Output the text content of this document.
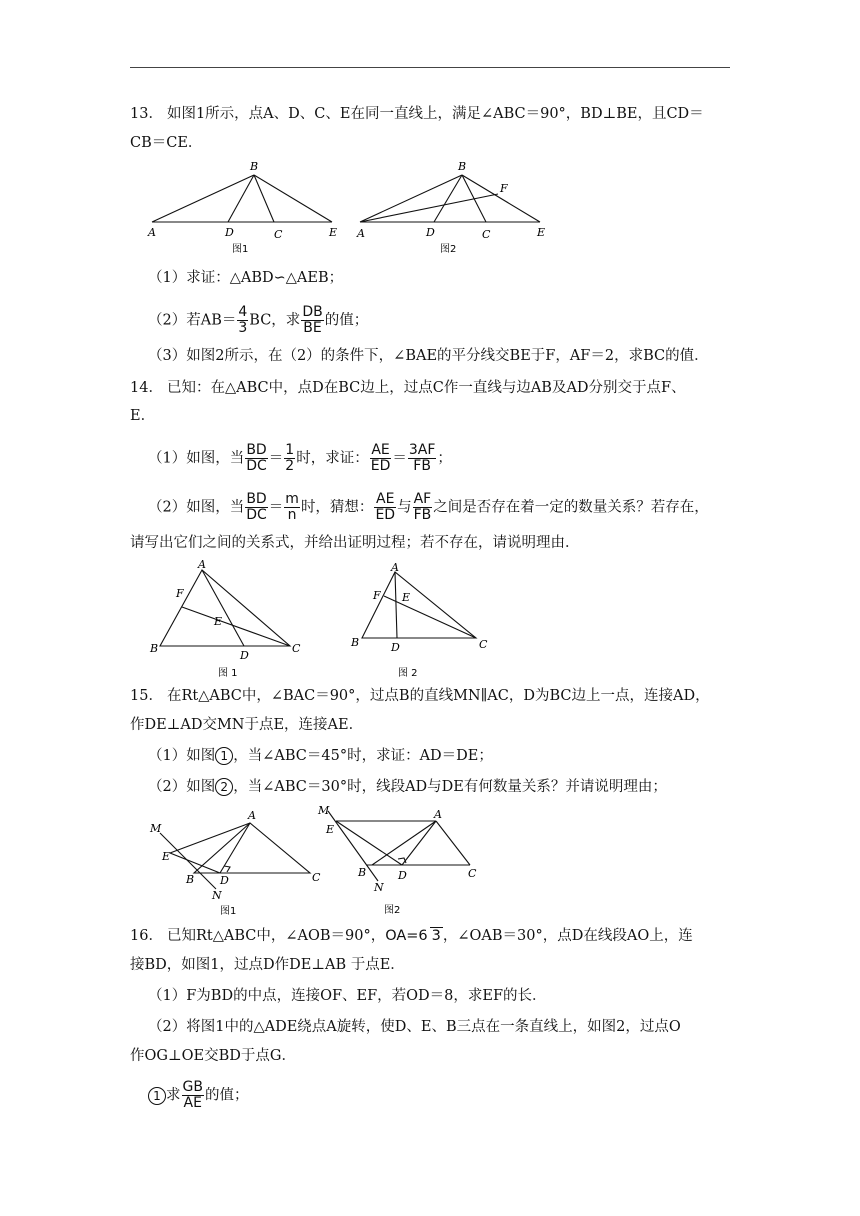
13． 如图1所示，点A、D、C、E在同一直线上，满足∠ABC＝90°，BD⊥BE，且CD＝
CB＝CE．
B
A	D	C	E
图1
B
F
A	D	C	E
图2
（1）求证：△ABD∽△AEB；
（2）若$AB= \frac{4}{3}$ BC，求 $\frac{DB}{BE}$ 的值；
（3）如图2所示，在（2）的条件下，∠BAE的平分线交BE于F，AF＝2，求BC的值．
14． 已知：在△ABC中，点D在BC边上，过点C作一直线与边AB及AD分别交于点F、
E．
（1）如图，当 $\frac{BD}{DC} = \frac{1}{2}$ 时，求证： $\frac{AE}{ED} = \frac{3AF}{FB}$ ；
（2）如图，当 $\frac{BD}{DC} = \frac{m}{n}$ 时，猜想： $\frac{AE}{ED}$ 与 $\frac{AF}{FB}$ 之间是否存在着一定的数量关系？若存在，
请写出它们之间的关系式，并给出证明过程；若不存在，请说明理由．
A
F
E
B
D
C
图 1
A
F E
B	D	C
图 2
15． 在Rt△ABC中，∠BAC＝90°，过点B的直线MN∥AC，D为BC边上一点，连接AD，
作DE⊥AD交MN于点E，连接AE．
（1）如图 1 ，当∠ABC＝45°时，求证：AD＝DE；
（2）如图 2 ，当∠ABC＝30°时，线段AD与DE有何数量关系？并请说明理由；
M
A
E
B D	C
N
图1
M
E
A
B	D	C
N
图2
16． 已知Rt△ABC中，∠AOB＝90°，OA=6 3 ，∠OAB＝30°，点D在线段AO上，连
接BD，如图1，过点D作DE⊥AB 于点E．
（1）F为BD的中点，连接OF、EF，若OD＝8，求EF的长．
（2）将图1中的△ADE绕点A旋转，使D、E、B三点在一条直线上，如图2，过点O
作OG⊥OE交BD于点G．
1 求 $\frac{GB}{AE}$ 的值；
